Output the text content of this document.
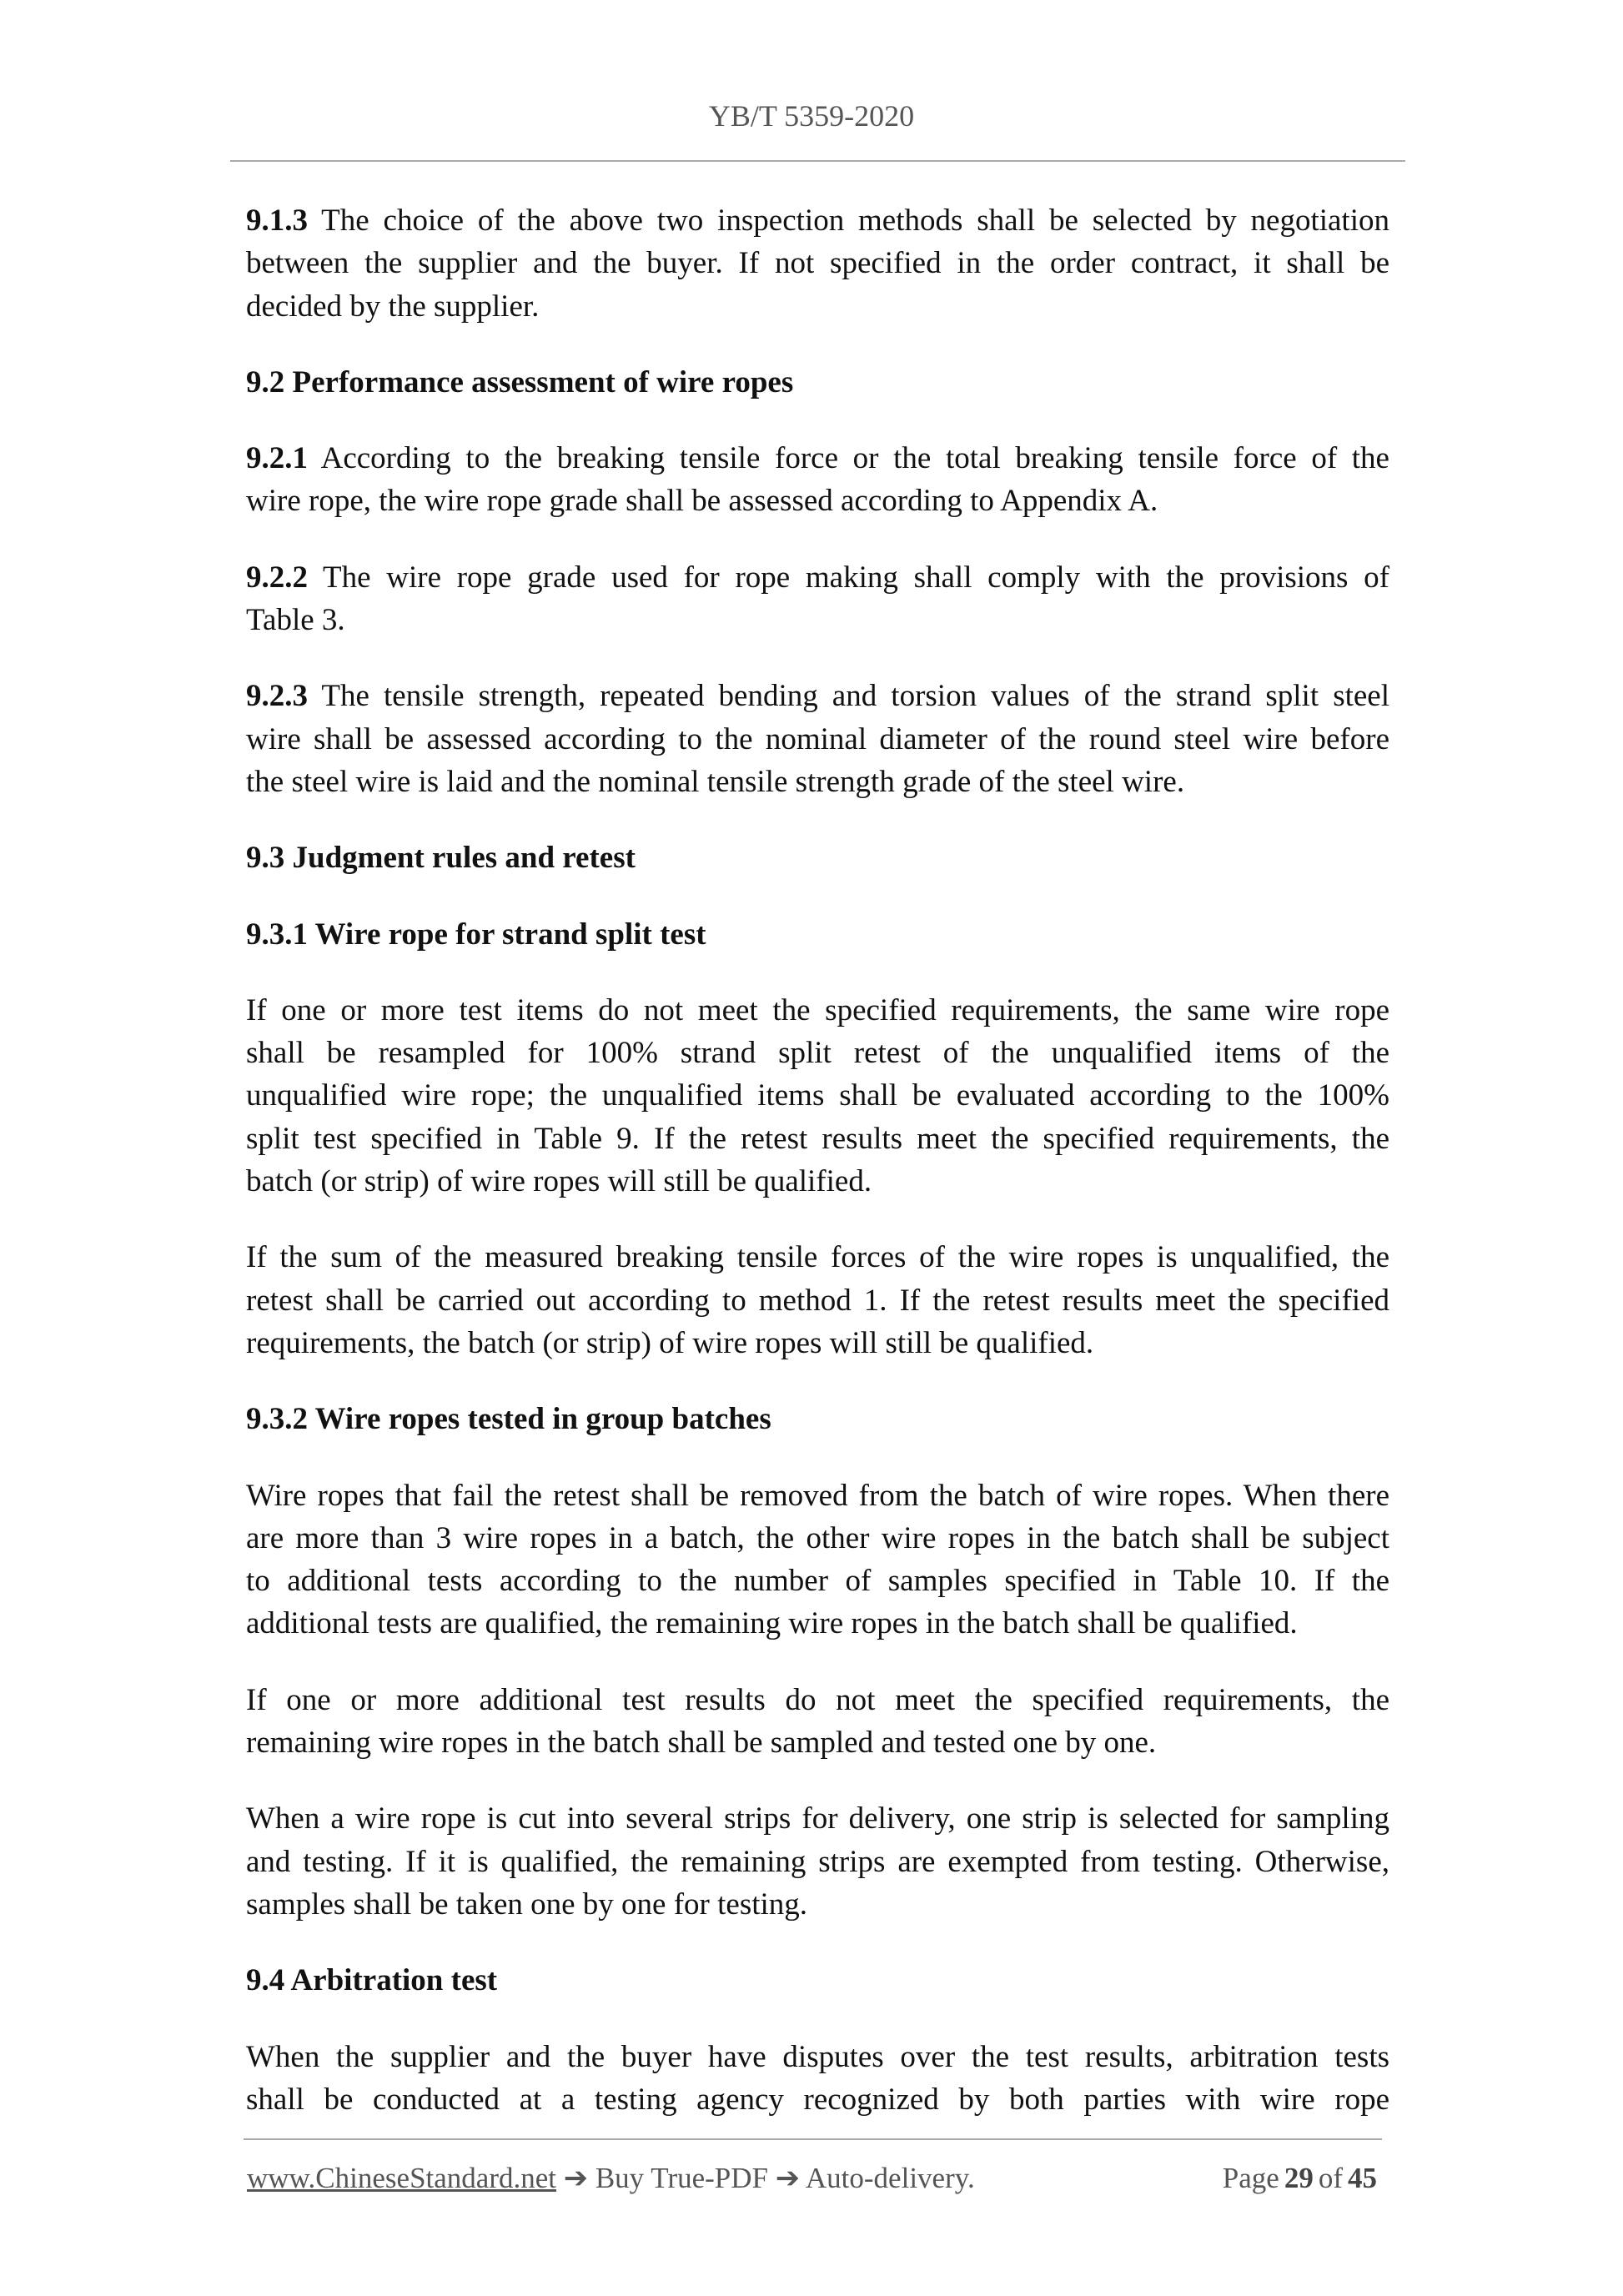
YB/T 5359-2020
9.1.3 The choice of the above two inspection methods shall be selected by negotiation
between the supplier and the buyer. If not specified in the order contract, it shall be
decided by the supplier.
9.2 Performance assessment of wire ropes
9.2.1 According to the breaking tensile force or the total breaking tensile force of the
wire rope, the wire rope grade shall be assessed according to Appendix A.
9.2.2 The wire rope grade used for rope making shall comply with the provisions of
Table 3.
9.2.3 The tensile strength, repeated bending and torsion values of the strand split steel
wire shall be assessed according to the nominal diameter of the round steel wire before
the steel wire is laid and the nominal tensile strength grade of the steel wire.
9.3 Judgment rules and retest
9.3.1 Wire rope for strand split test
If one or more test items do not meet the specified requirements, the same wire rope
shall be resampled for 100% strand split retest of the unqualified items of the
unqualified wire rope; the unqualified items shall be evaluated according to the 100%
split test specified in Table 9. If the retest results meet the specified requirements, the
batch (or strip) of wire ropes will still be qualified.
If the sum of the measured breaking tensile forces of the wire ropes is unqualified, the
retest shall be carried out according to method 1. If the retest results meet the specified
requirements, the batch (or strip) of wire ropes will still be qualified.
9.3.2 Wire ropes tested in group batches
Wire ropes that fail the retest shall be removed from the batch of wire ropes. When there
are more than 3 wire ropes in a batch, the other wire ropes in the batch shall be subject
to additional tests according to the number of samples specified in Table 10. If the
additional tests are qualified, the remaining wire ropes in the batch shall be qualified.
If one or more additional test results do not meet the specified requirements, the
remaining wire ropes in the batch shall be sampled and tested one by one.
When a wire rope is cut into several strips for delivery, one strip is selected for sampling
and testing. If it is qualified, the remaining strips are exempted from testing. Otherwise,
samples shall be taken one by one for testing.
9.4 Arbitration test
When the supplier and the buyer have disputes over the test results, arbitration tests
shall be conducted at a testing agency recognized by both parties with wire rope
www.ChineseStandard.net ➔ Buy True-PDF ➔ Auto-delivery.	Page 29 of 45
